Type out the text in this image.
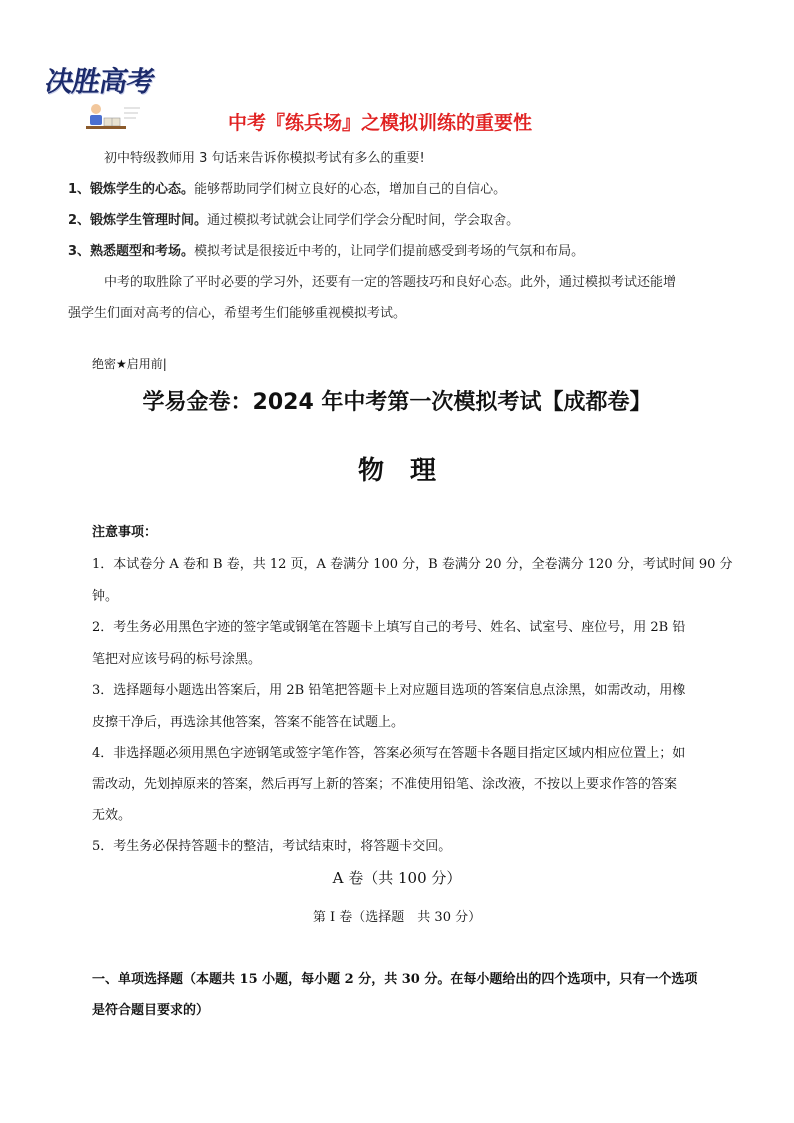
决胜高考
中考『练兵场』之模拟训练的重要性
初中特级教师用 3 句话来告诉你模拟考试有多么的重要!
1、锻炼学生的心态。能够帮助同学们树立良好的心态，增加自己的自信心。
2、锻炼学生管理时间。通过模拟考试就会让同学们学会分配时间，学会取舍。
3、熟悉题型和考场。模拟考试是很接近中考的，让同学们提前感受到考场的气氛和布局。
中考的取胜除了平时必要的学习外，还要有一定的答题技巧和良好心态。此外，通过模拟考试还能增
强学生们面对高考的信心，希望考生们能够重视模拟考试。
绝密★启用前|
学易金卷：2024 年中考第一次模拟考试【成都卷】
物理
注意事项：
1．本试卷分 A 卷和 B 卷，共 12 页，A 卷满分 100 分，B 卷满分 20 分，全卷满分 120 分，考试时间 90 分
钟。
2．考生务必用黑色字迹的签字笔或钢笔在答题卡上填写自己的考号、姓名、试室号、座位号，用 2B 铅
笔把对应该号码的标号涂黑。
3．选择题每小题选出答案后，用 2B 铅笔把答题卡上对应题目选项的答案信息点涂黑，如需改动，用橡
皮擦干净后，再选涂其他答案，答案不能答在试题上。
4．非选择题必须用黑色字迹钢笔或签字笔作答，答案必须写在答题卡各题目指定区域内相应位置上；如
需改动，先划掉原来的答案，然后再写上新的答案；不准使用铅笔、涂改液，不按以上要求作答的答案
无效。
5．考生务必保持答题卡的整洁，考试结束时，将答题卡交回。
A 卷（共 100 分）
第 I 卷（选择题　共 30 分）
一、单项选择题（本题共 15 小题，每小题 2 分，共 30 分。在每小题给出的四个选项中，只有一个选项
是符合题目要求的）
